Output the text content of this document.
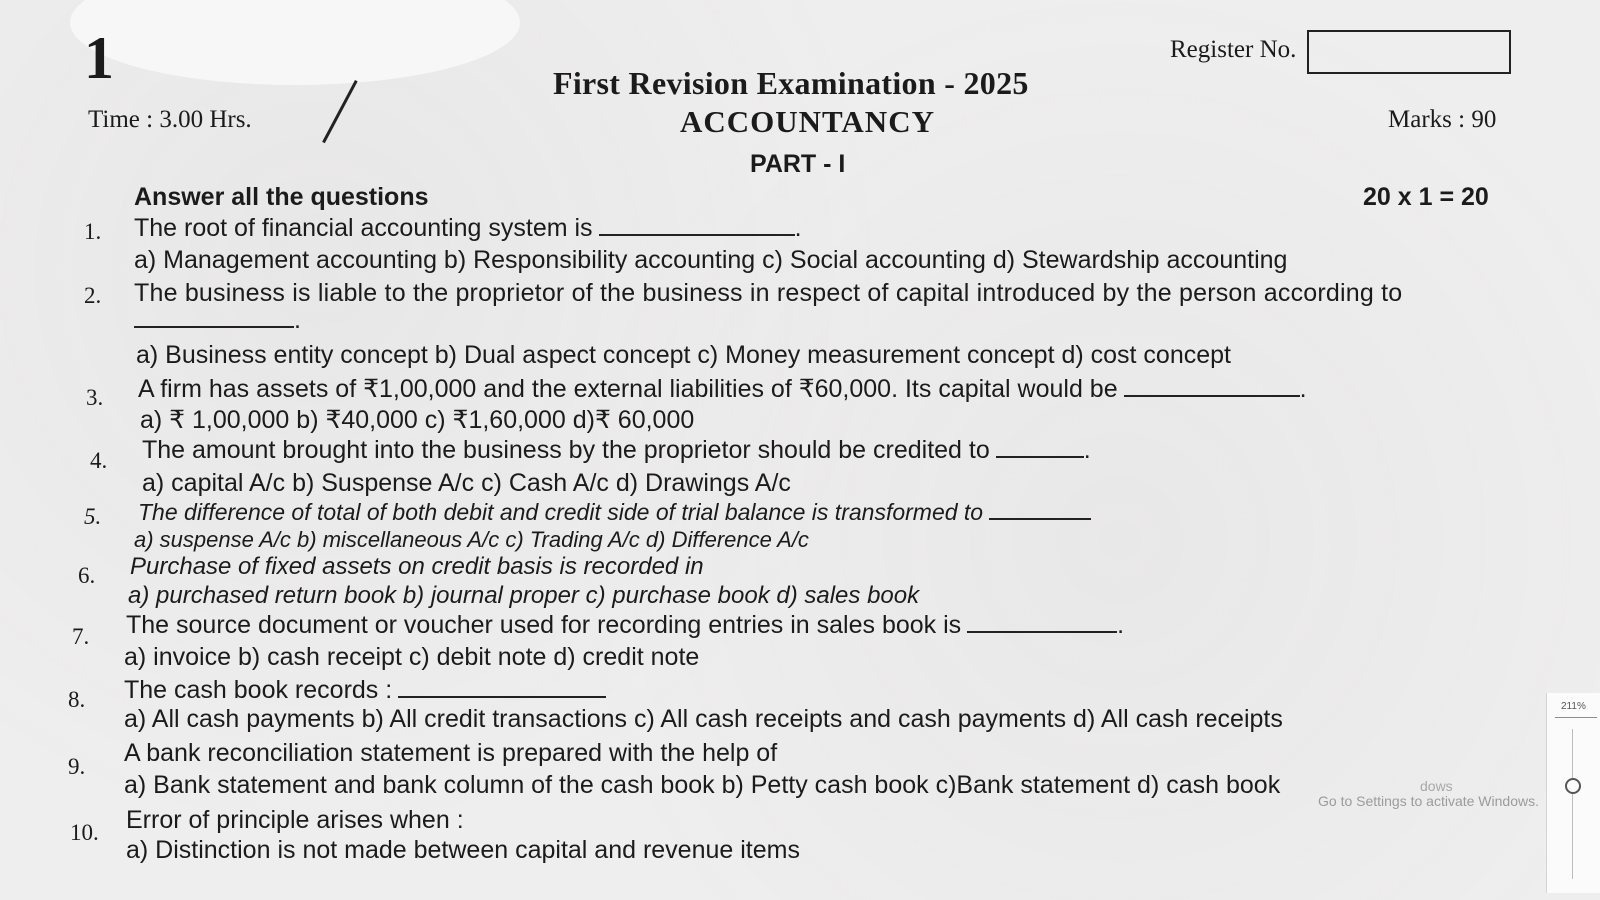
1	Register No.
First Revision Examination - 2025
ACCOUNTANCY
Time : 3.00 Hrs.	Marks : 90
PART - I
Answer all the questions	20 x 1 = 20
1. The root of financial accounting system is	.
a) Management accounting b) Responsibility accounting c) Social accounting d) Stewardship accounting
2. The business is liable to the proprietor of the business in respect of capital introduced by the person according to
.
a) Business entity concept b) Dual aspect concept c) Money measurement concept d) cost concept
3. A firm has assets of ₹1,00,000 and the external liabilities of ₹60,000. Its capital would be	.
a) ₹ 1,00,000 b) ₹40,000 c) ₹1,60,000 d)₹ 60,000
4. The amount brought into the business by the proprietor should be credited to	.
a) capital A/c b) Suspense A/c c) Cash A/c d) Drawings A/c
5. The difference of total of both debit and credit side of trial balance is transformed to
a) suspense A/c b) miscellaneous A/c c) Trading A/c d) Difference A/c
6. Purchase of fixed assets on credit basis is recorded in
a) purchased return book b) journal proper c) purchase book d) sales book
7. The source document or voucher used for recording entries in sales book is	.
a) invoice b) cash receipt c) debit note d) credit note
8. The cash book records :
a) All cash payments b) All credit transactions c) All cash receipts and cash payments d) All cash receipts
9. A bank reconciliation statement is prepared with the help of
a) Bank statement and bank column of the cash book b) Petty cash book c)Bank statement d) cash book
10. Error of principle arises when :
a) Distinction is not made between capital and revenue items
dows
Go to Settings to activate Windows.
211%
